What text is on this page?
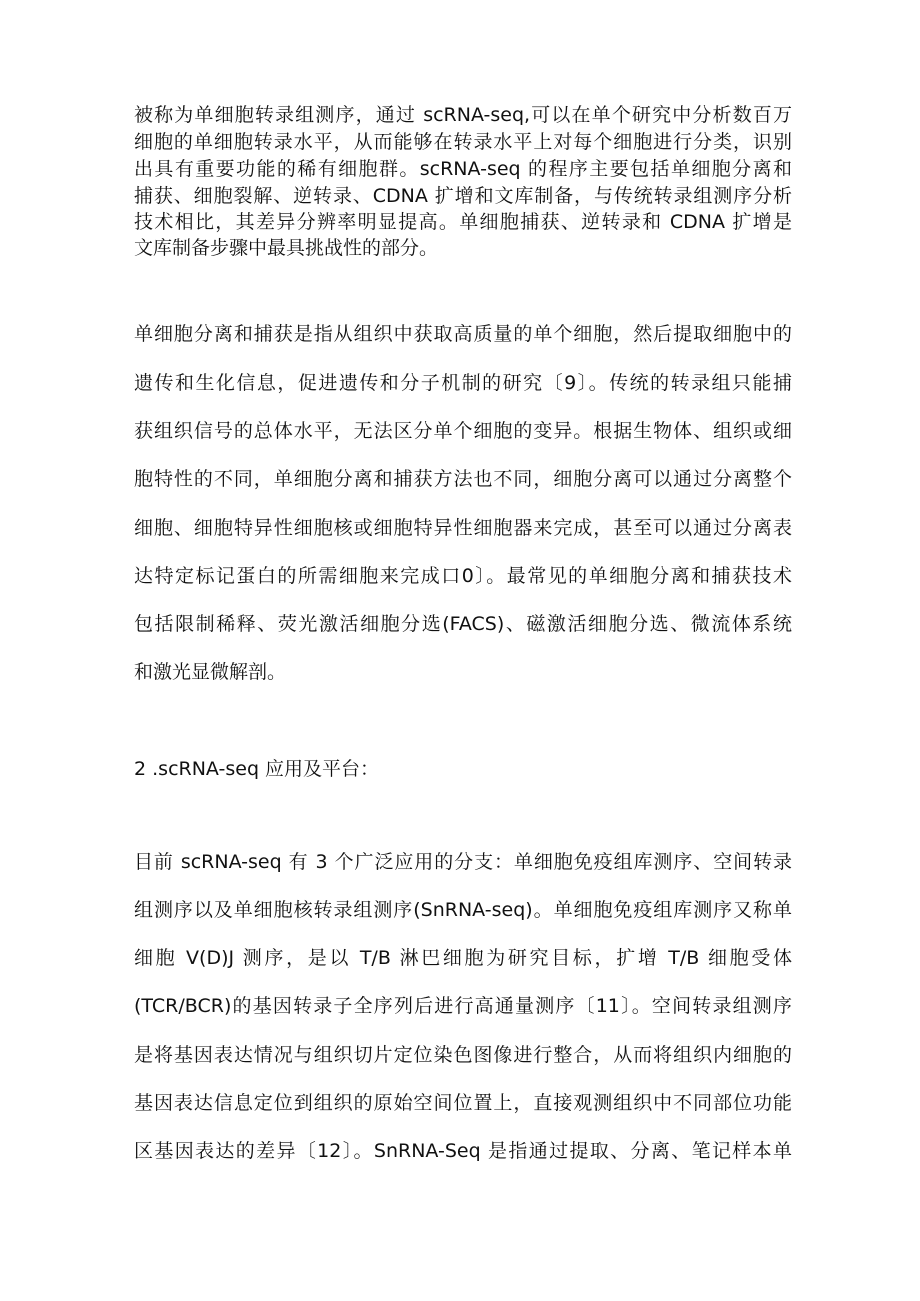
被称为单细胞转录组测序，通过 scRNA-seq,可以在单个研究中分析数百万

细胞的单细胞转录水平，从而能够在转录水平上对每个细胞进行分类，识别

出具有重要功能的稀有细胞群。scRNA-seq 的程序主要包括单细胞分离和

捕获、细胞裂解、逆转录、CDNA 扩增和文库制备，与传统转录组测序分析

技术相比，其差异分辨率明显提高。单细胞捕获、逆转录和 CDNA 扩增是

文库制备步骤中最具挑战性的部分。

单细胞分离和捕获是指从组织中获取高质量的单个细胞，然后提取细胞中的

遗传和生化信息，促进遗传和分子机制的研究〔9〕。传统的转录组只能捕

获组织信号的总体水平，无法区分单个细胞的变异。根据生物体、组织或细

胞特性的不同，单细胞分离和捕获方法也不同，细胞分离可以通过分离整个

细胞、细胞特异性细胞核或细胞特异性细胞器来完成，甚至可以通过分离表

达特定标记蛋白的所需细胞来完成口0〕。最常见的单细胞分离和捕获技术

包括限制稀释、荧光激活细胞分选(FACS)、磁激活细胞分选、微流体系统

和激光显微解剖。

2 .scRNA-seq 应用及平台：

目前 scRNA-seq 有 3 个广泛应用的分支：单细胞免疫组库测序、空间转录

组测序以及单细胞核转录组测序(SnRNA-seq)。单细胞免疫组库测序又称单

细胞 V(D)J 测序，是以 T/B 淋巴细胞为研究目标，扩增 T/B 细胞受体

(TCR/BCR)的基因转录子全序列后进行高通量测序〔11〕。空间转录组测序

是将基因表达情况与组织切片定位染色图像进行整合，从而将组织内细胞的

基因表达信息定位到组织的原始空间位置上，直接观测组织中不同部位功能

区基因表达的差异〔12〕。SnRNA-Seq 是指通过提取、分离、笔记样本单
